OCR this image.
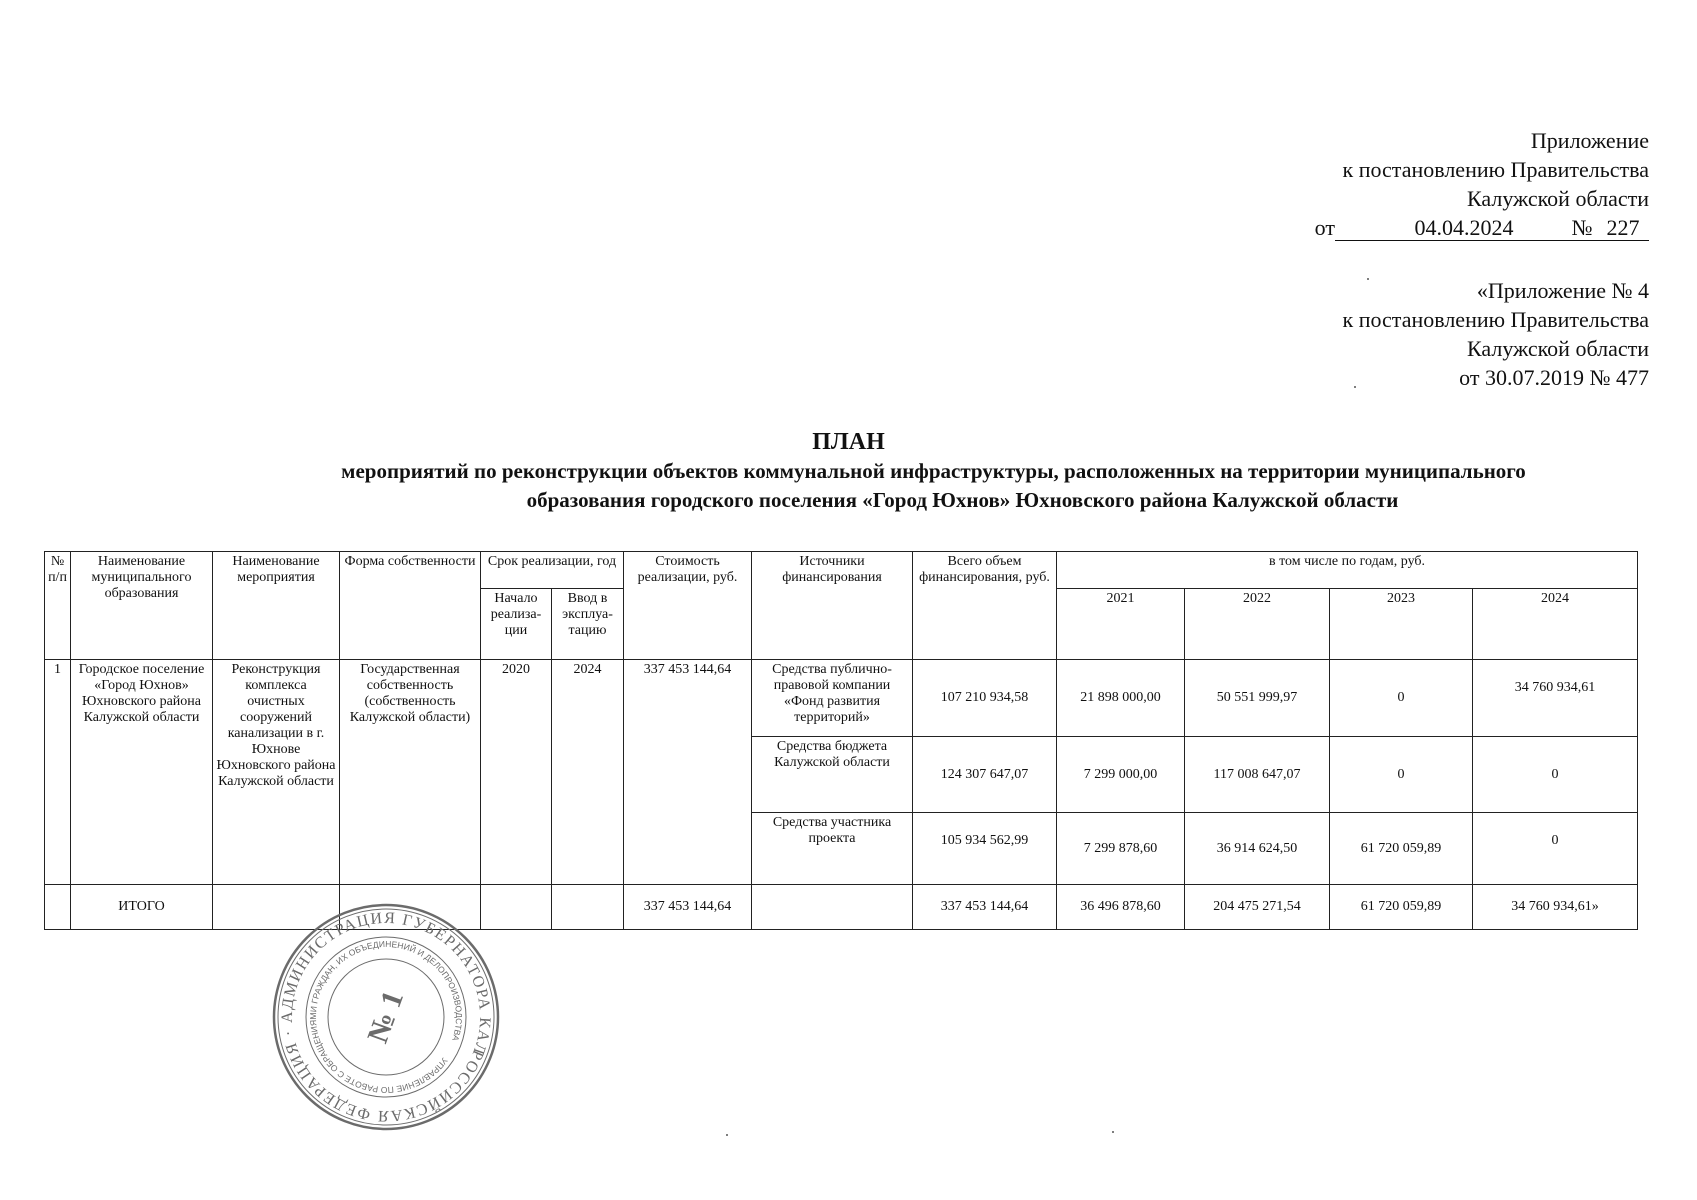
Приложение
к постановлению Правительства
Калужской области
от	04.04.2024	№ 227
«Приложение № 4
к постановлению Правительства
Калужской области
от 30.07.2019 № 477
ПЛАН
мероприятий по реконструкции объектов коммунальной инфраструктуры, расположенных на территории муниципального
образования городского поселения «Город Юхнов» Юхновского района Калужской области
№ п/п	Наименование муниципального образования	Наименование мероприятия	Форма собственности	Срок реализации, год		Стоимость реализации, руб.	Источники финансирования	Всего объем финансирования, руб.	в том числе по годам, руб.			
				Начало реализа- ции	Ввод в эксплуа- тацию				2021	2022	2023	2024
1	Городское поселение «Город Юхнов» Юхновского района Калужской области	Реконструкция комплекса очистных сооружений канализации в г. Юхнове Юхновского района Калужской области	Государственная собственность (собственность Калужской области)	2020	2024	337 453 144,64	Средства публично-правовой компании «Фонд развития территорий»	107 210 934,58	21 898 000,00	50 551 999,97	0	34 760 934,61
							Средства бюджета Калужской области	124 307 647,07	7 299 000,00	117 008 647,07	0	0
							Средства участника проекта	105 934 562,99	7 299 878,60	36 914 624,50	61 720 059,89	0
	ИТОГО					337 453 144,64		337 453 144,64	36 496 878,60	204 475 271,54	61 720 059,89	34 760 934,61»
РОССИЙСКАЯ ФЕДЕРАЦИЯ · АДМИНИСТРАЦИЯ ГУБЕРНАТОРА КАЛУЖСКОЙ
УПРАВЛЕНИЕ ПО РАБОТЕ С ОБРАЩЕНИЯМИ ГРАЖДАН, ИХ ОБЪЕДИНЕНИЙ И ДЕЛОПРОИЗВОДСТВА
№ 1
